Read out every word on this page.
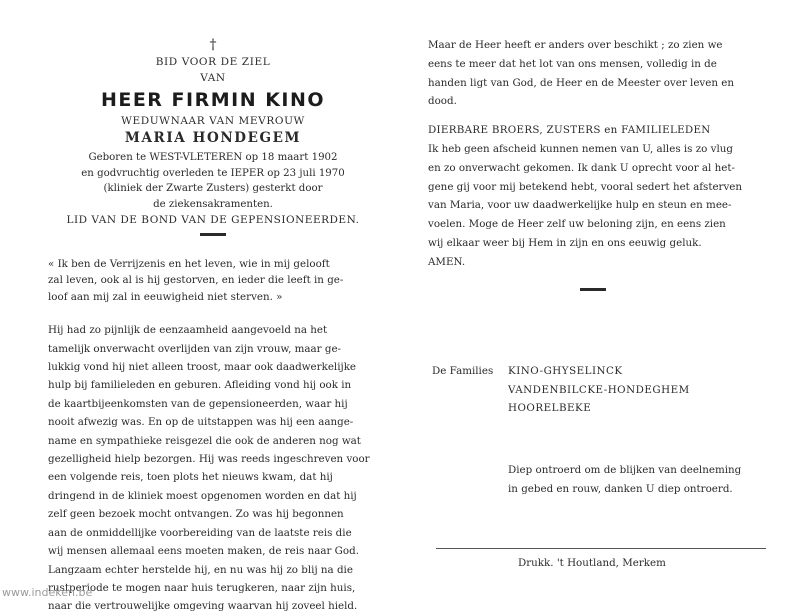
†
BID VOOR DE ZIEL
VAN
HEER FIRMIN KINO
WEDUWNAAR VAN MEVROUW
MARIA HONDEGEM
Geboren te WEST-VLETEREN op 18 maart 1902
en godvruchtig overleden te IEPER op 23 juli 1970
(kliniek der Zwarte Zusters) gesterkt door
de ziekensakramenten.
LID VAN DE BOND VAN DE GEPENSIONEERDEN.
« Ik ben de Verrijzenis en het leven, wie in mij gelooft
zal leven, ook al is hij gestorven, en ieder die leeft in ge-
loof aan mij zal in eeuwigheid niet sterven. »
Hij had zo pijnlijk de eenzaamheid aangevoeld na het
tamelijk onverwacht overlijden van zijn vrouw, maar ge-
lukkig vond hij niet alleen troost, maar ook daadwerkelijke
hulp bij familieleden en geburen. Afleiding vond hij ook in
de kaartbijeenkomsten van de gepensioneerden, waar hij
nooit afwezig was. En op de uitstappen was hij een aange-
name en sympathieke reisgezel die ook de anderen nog wat
gezelligheid hielp bezorgen. Hij was reeds ingeschreven voor
een volgende reis, toen plots het nieuws kwam, dat hij
dringend in de kliniek moest opgenomen worden en dat hij
zelf geen bezoek mocht ontvangen. Zo was hij begonnen
aan de onmiddellijke voorbereiding van de laatste reis die
wij mensen allemaal eens moeten maken, de reis naar God.
Langzaam echter herstelde hij, en nu was hij zo blij na die
rustperiode te mogen naar huis terugkeren, naar zijn huis,
naar die vertrouwelijke omgeving waarvan hij zoveel hield.
Maar de Heer heeft er anders over beschikt ; zo zien we
eens te meer dat het lot van ons mensen, volledig in de
handen ligt van God, de Heer en de Meester over leven en
dood.
DIERBARE BROERS, ZUSTERS en FAMILIELEDEN
Ik heb geen afscheid kunnen nemen van U, alles is zo vlug
en zo onverwacht gekomen. Ik dank U oprecht voor al het-
gene gij voor mij betekend hebt, vooral sedert het afsterven
van Maria, voor uw daadwerkelijke hulp en steun en mee-
voelen. Moge de Heer zelf uw beloning zijn, en eens zien
wij elkaar weer bij Hem in zijn en ons eeuwig geluk.
AMEN.
De Families KINO-GHYSELINCK
VANDENBILCKE-HONDEGHEM
HOORELBEKE
Diep ontroerd om de blijken van deelneming
in gebed en rouw, danken U diep ontroerd.
Drukk. 't Houtland, Merkem
www.indeken.be
